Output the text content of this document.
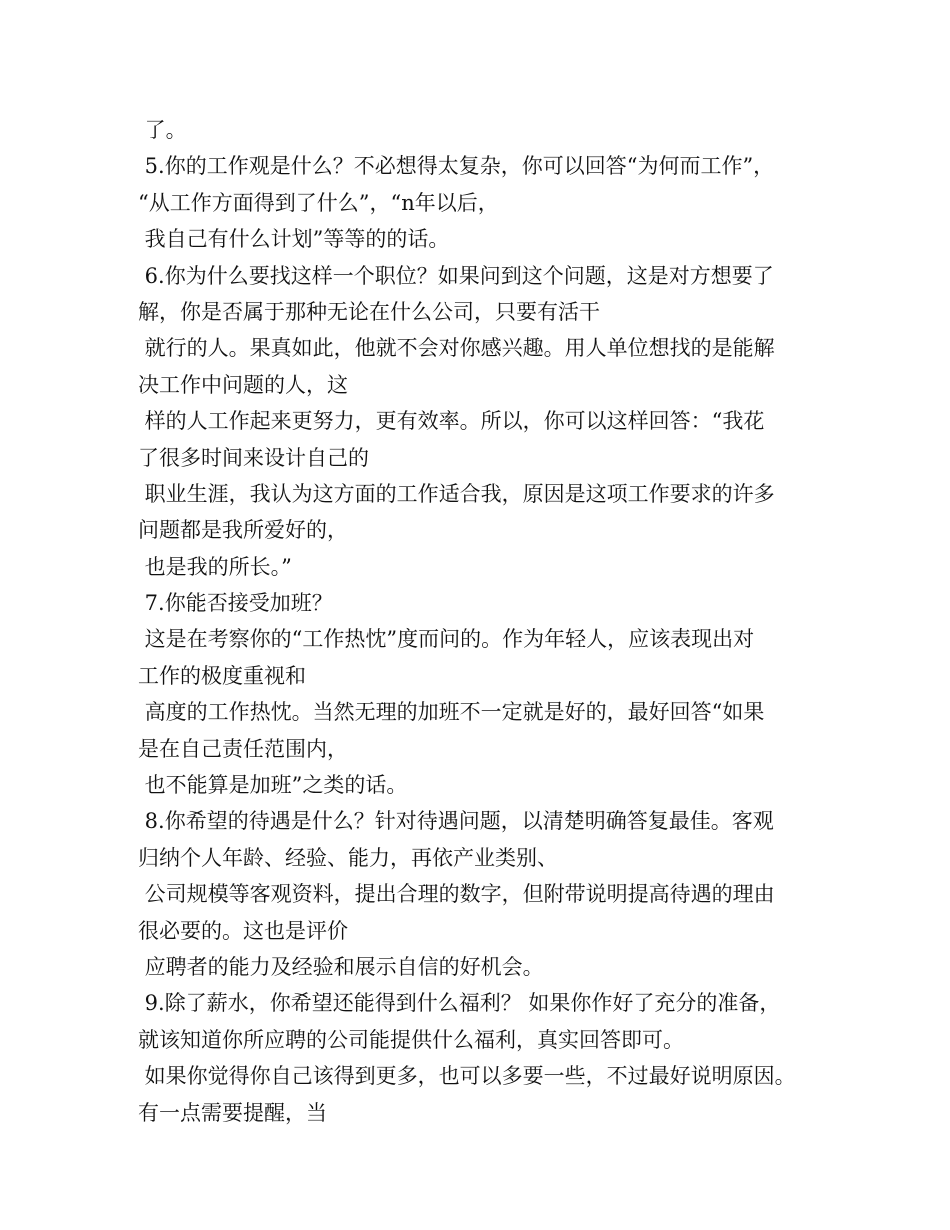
了。
5.你的工作观是什么？不必想得太复杂，你可以回答“为何而工作”，
“从工作方面得到了什么”，“n年以后，
我自己有什么计划”等等的的话。
6.你为什么要找这样一个职位？如果问到这个问题，这是对方想要了
解，你是否属于那种无论在什么公司，只要有活干
就行的人。果真如此，他就不会对你感兴趣。用人单位想找的是能解
决工作中问题的人，这
样的人工作起来更努力，更有效率。所以，你可以这样回答：“我花
了很多时间来设计自己的
职业生涯，我认为这方面的工作适合我，原因是这项工作要求的许多
问题都是我所爱好的，
也是我的所长。”
7.你能否接受加班？
这是在考察你的“工作热忱”度而问的。作为年轻人，应该表现出对
工作的极度重视和
高度的工作热忱。当然无理的加班不一定就是好的，最好回答“如果
是在自己责任范围内，
也不能算是加班”之类的话。
8.你希望的待遇是什么？针对待遇问题，以清楚明确答复最佳。客观
归纳个人年龄、经验、能力，再依产业类别、
公司规模等客观资料，提出合理的数字，但附带说明提高待遇的理由
很必要的。这也是评价
应聘者的能力及经验和展示自信的好机会。
9.除了薪水，你希望还能得到什么福利？ 如果你作好了充分的准备，
就该知道你所应聘的公司能提供什么福利，真实回答即可。
如果你觉得你自己该得到更多，也可以多要一些，不过最好说明原因。
有一点需要提醒，当
